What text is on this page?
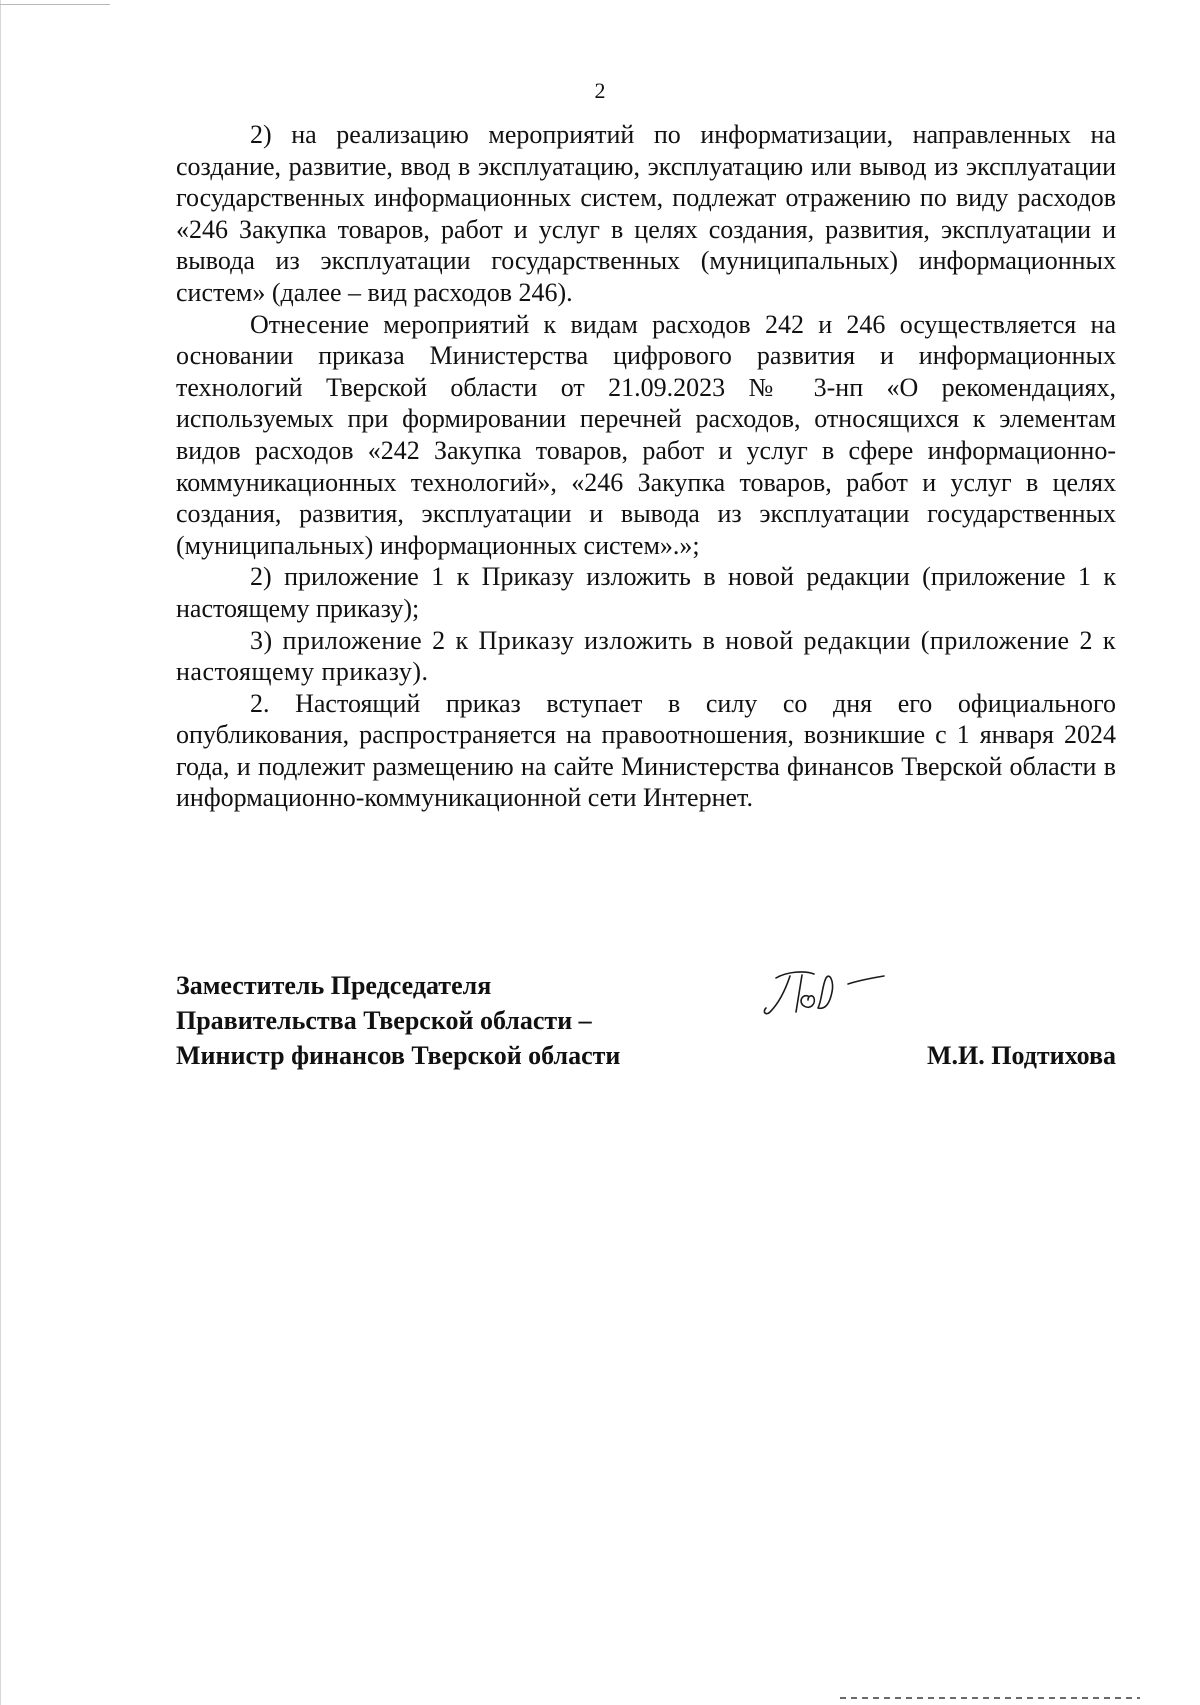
2

2) на реализацию мероприятий по информатизации, направленных на создание, развитие, ввод в эксплуатацию, эксплуатацию или вывод из эксплуатации государственных информационных систем, подлежат отражению по виду расходов «246 Закупка товаров, работ и услуг в целях создания, развития, эксплуатации и вывода из эксплуатации государственных (муниципальных) информационных систем» (далее – вид расходов 246).

Отнесение мероприятий к видам расходов 242 и 246 осуществляется на основании приказа Министерства цифрового развития и информационных технологий Тверской области от 21.09.2023 № 3-нп «О рекомендациях, используемых при формировании перечней расходов, относящихся к элементам видов расходов «242 Закупка товаров, работ и услуг в сфере информационно-коммуникационных технологий», «246 Закупка товаров, работ и услуг в целях создания, развития, эксплуатации и вывода из эксплуатации государственных (муниципальных) информационных систем».»;

2) приложение 1 к Приказу изложить в новой редакции (приложение 1 к настоящему приказу);

3) приложение 2 к Приказу изложить в новой редакции (приложение 2 к настоящему приказу).

2. Настоящий приказ вступает в силу со дня его официального опубликования, распространяется на правоотношения, возникшие с 1 января 2024 года, и подлежит размещению на сайте Министерства финансов Тверской области в информационно-коммуникационной сети Интернет.

Заместитель Председателя
Правительства Тверской области –
Министр финансов Тверской области	М.И. Подтихова
